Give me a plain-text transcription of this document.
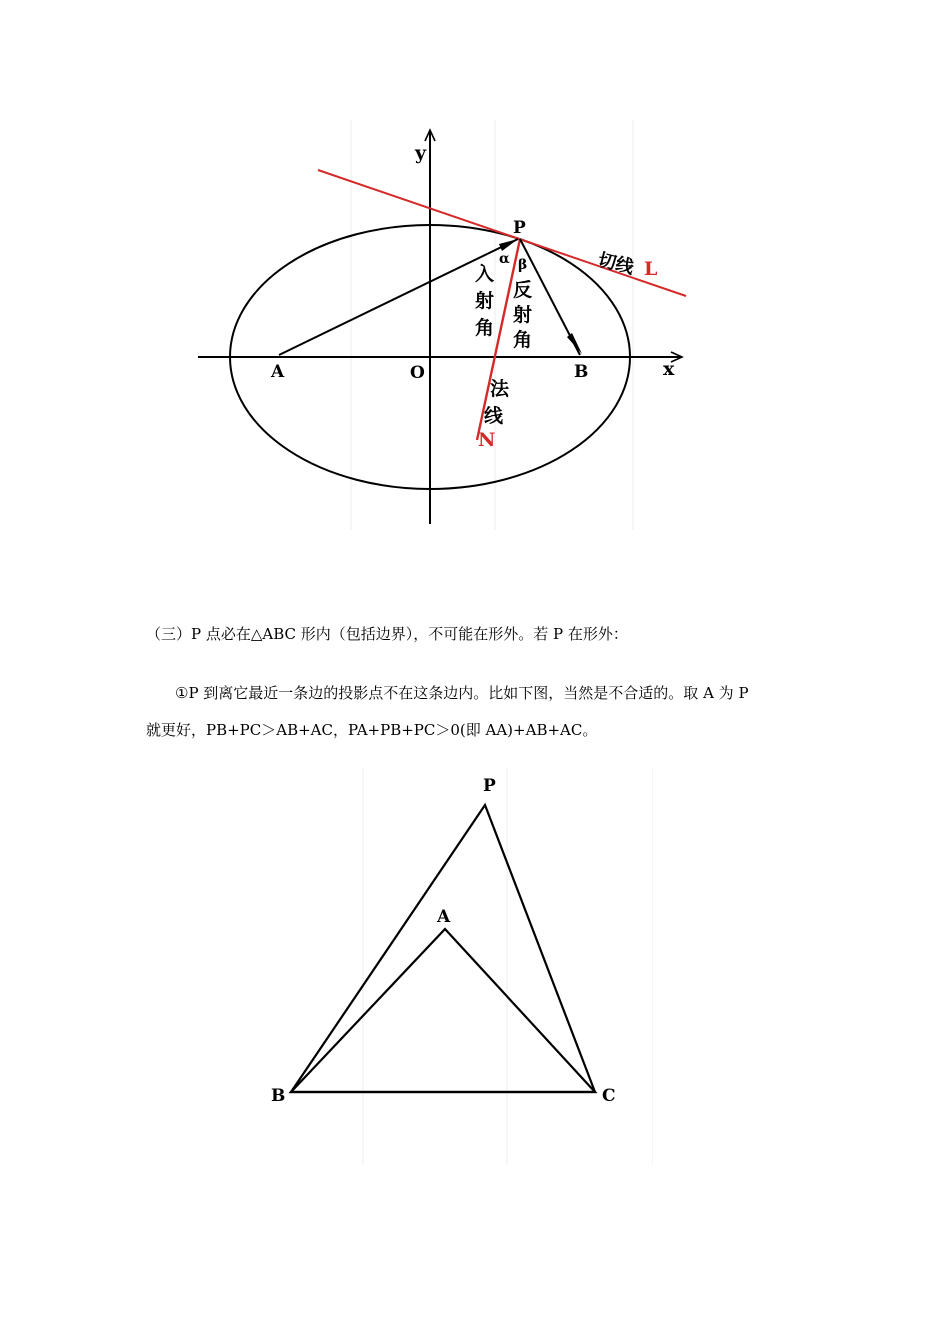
y
x
O
A	B
P
切线 L
α β
入
射
角
反
射
角
法
线
N
（三）P 点必在△ABC 形内（包括边界），不可能在形外。若 P 在形外：
①P 到离它最近一条边的投影点不在这条边内。比如下图，当然是不合适的。取 A 为 P
就更好，PB+PC＞AB+AC，PA+PB+PC＞0(即 AA)+AB+AC。
P
A
B	C
